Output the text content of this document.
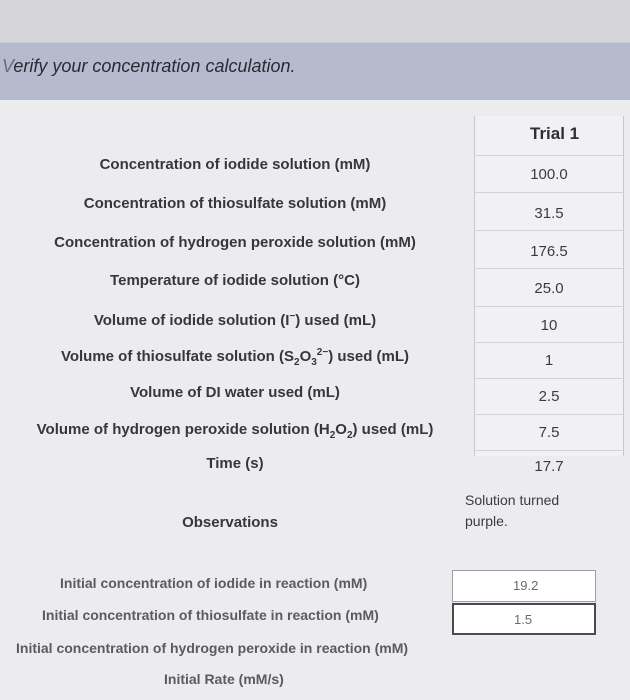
Verify your concentration calculation.
Trial 1
Concentration of iodide solution (mM)
Concentration of thiosulfate solution (mM)
Concentration of hydrogen peroxide solution (mM)
Temperature of iodide solution (°C)
Volume of iodide solution (I−) used (mL)
Volume of thiosulfate solution $(S_2O_3^{2-})$ used (mL)
Volume of DI water used (mL)
Volume of hydrogen peroxide solution $(H_2O_2)$ used (mL)
Time (s)
100.0
31.5
176.5
25.0
10
1
2.5
7.5
17.7
Observations
Solution turned purple.
Initial concentration of iodide in reaction (mM)	19.2
Initial concentration of thiosulfate in reaction (mM)	1.5
Initial concentration of hydrogen peroxide in reaction (mM)
Initial Rate (mM/s)
